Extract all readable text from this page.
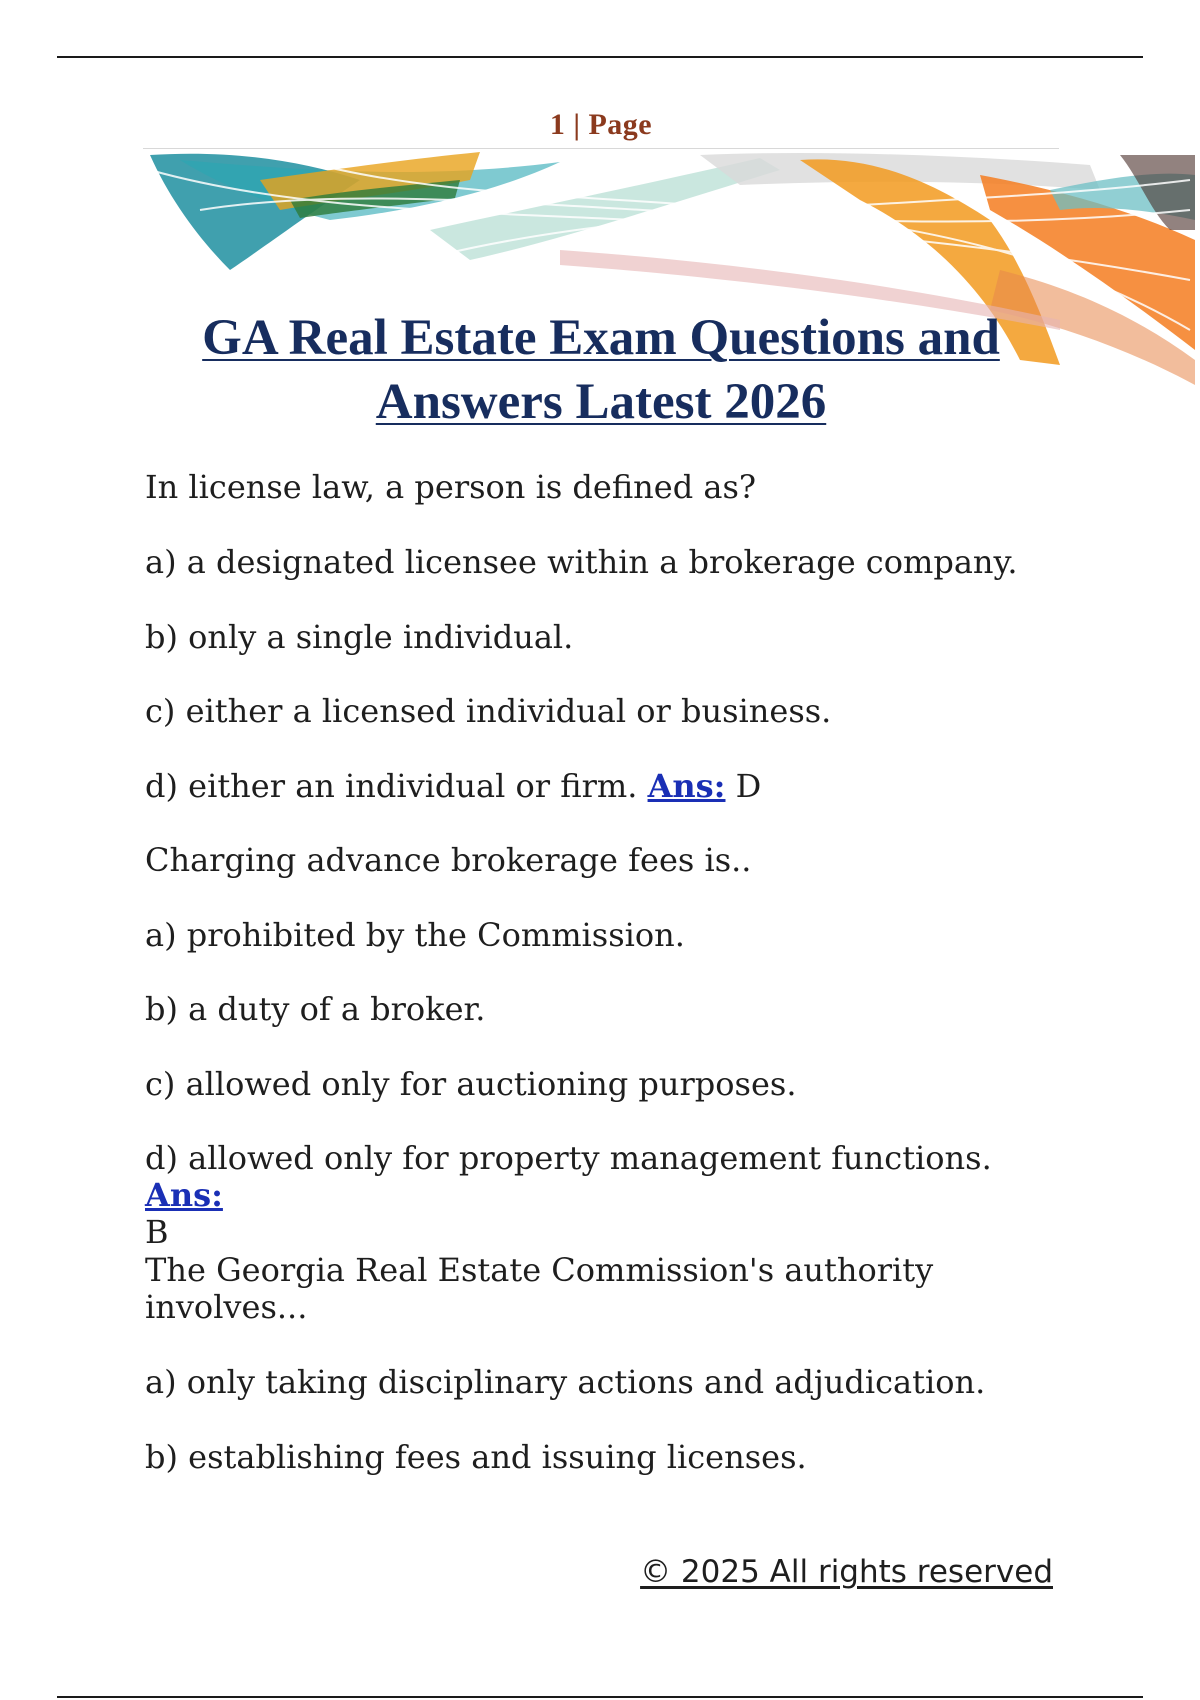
1 | Page
GA Real Estate Exam Questions and
Answers Latest 2026
In license law, a person is defined as?
a) a designated licensee within a brokerage company.
b) only a single individual.
c) either a licensed individual or business.
d) either an individual or firm. Ans: D
Charging advance brokerage fees is..
a) prohibited by the Commission.
b) a duty of a broker.
c) allowed only for auctioning purposes.
d) allowed only for property management functions. Ans:
B
The Georgia Real Estate Commission's authority
involves...
a) only taking disciplinary actions and adjudication.
b) establishing fees and issuing licenses.
© 2025 All rights reserved
